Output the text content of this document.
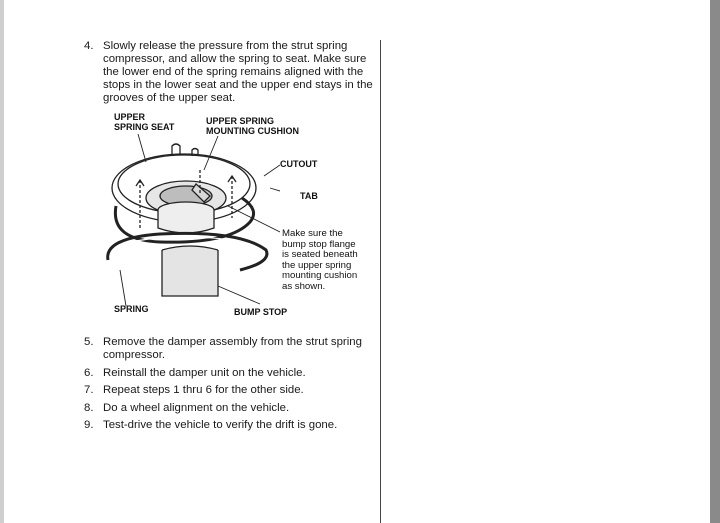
4. Slowly release the pressure from the strut spring compressor, and allow the spring to seat. Make sure the lower end of the spring remains aligned with the stops in the lower seat and the upper end stays in the grooves of the upper seat.
UPPER
SPRING SEAT
UPPER SPRING
MOUNTING CUSHION
CUTOUT
TAB
Make sure the
bump stop flange
is seated beneath
the upper spring
mounting cushion
as shown.
SPRING	BUMP STOP
5. Remove the damper assembly from the strut spring compressor.
6. Reinstall the damper unit on the vehicle.
7. Repeat steps 1 thru 6 for the other side.
8. Do a wheel alignment on the vehicle.
9. Test-drive the vehicle to verify the drift is gone.
